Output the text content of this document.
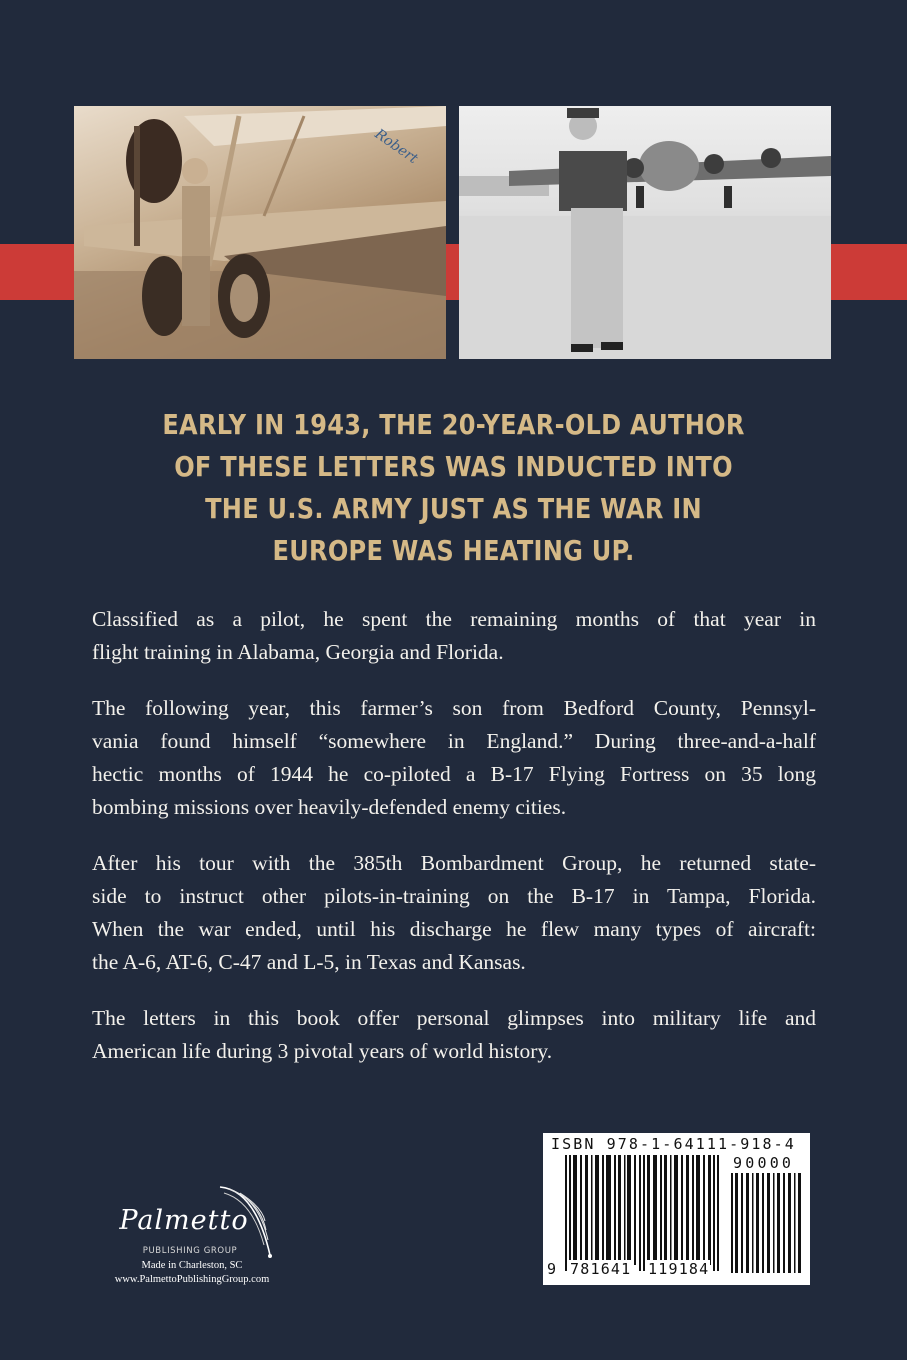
Robert
EARLY IN 1943, THE 20-YEAR-OLD AUTHOR
OF THESE LETTERS WAS INDUCTED INTO
THE U.S. ARMY JUST AS THE WAR IN
EUROPE WAS HEATING UP.

Classified as a pilot, he spent the remaining months of that year in
flight training in Alabama, Georgia and Florida.

The following year, this farmer’s son from Bedford County, Pennsyl-
vania found himself “somewhere in England.” During three-and-a-half
hectic months of 1944 he co-piloted a B-17 Flying Fortress on 35 long
bombing missions over heavily-defended enemy cities.

After his tour with the 385th Bombardment Group, he returned state-
side to instruct other pilots-in-training on the B-17 in Tampa, Florida.
When the war ended, until his discharge he flew many types of aircraft:
the A-6, AT-6, C-47 and L-5, in Texas and Kansas.

The letters in this book offer personal glimpses into military life and
American life during 3 pivotal years of world history.

Palmetto
PUBLISHING GROUP
Made in Charleston, SC
www.PalmettoPublishingGroup.com
ISBN 978-1-64111-918-4
90000
9 781641 119184
